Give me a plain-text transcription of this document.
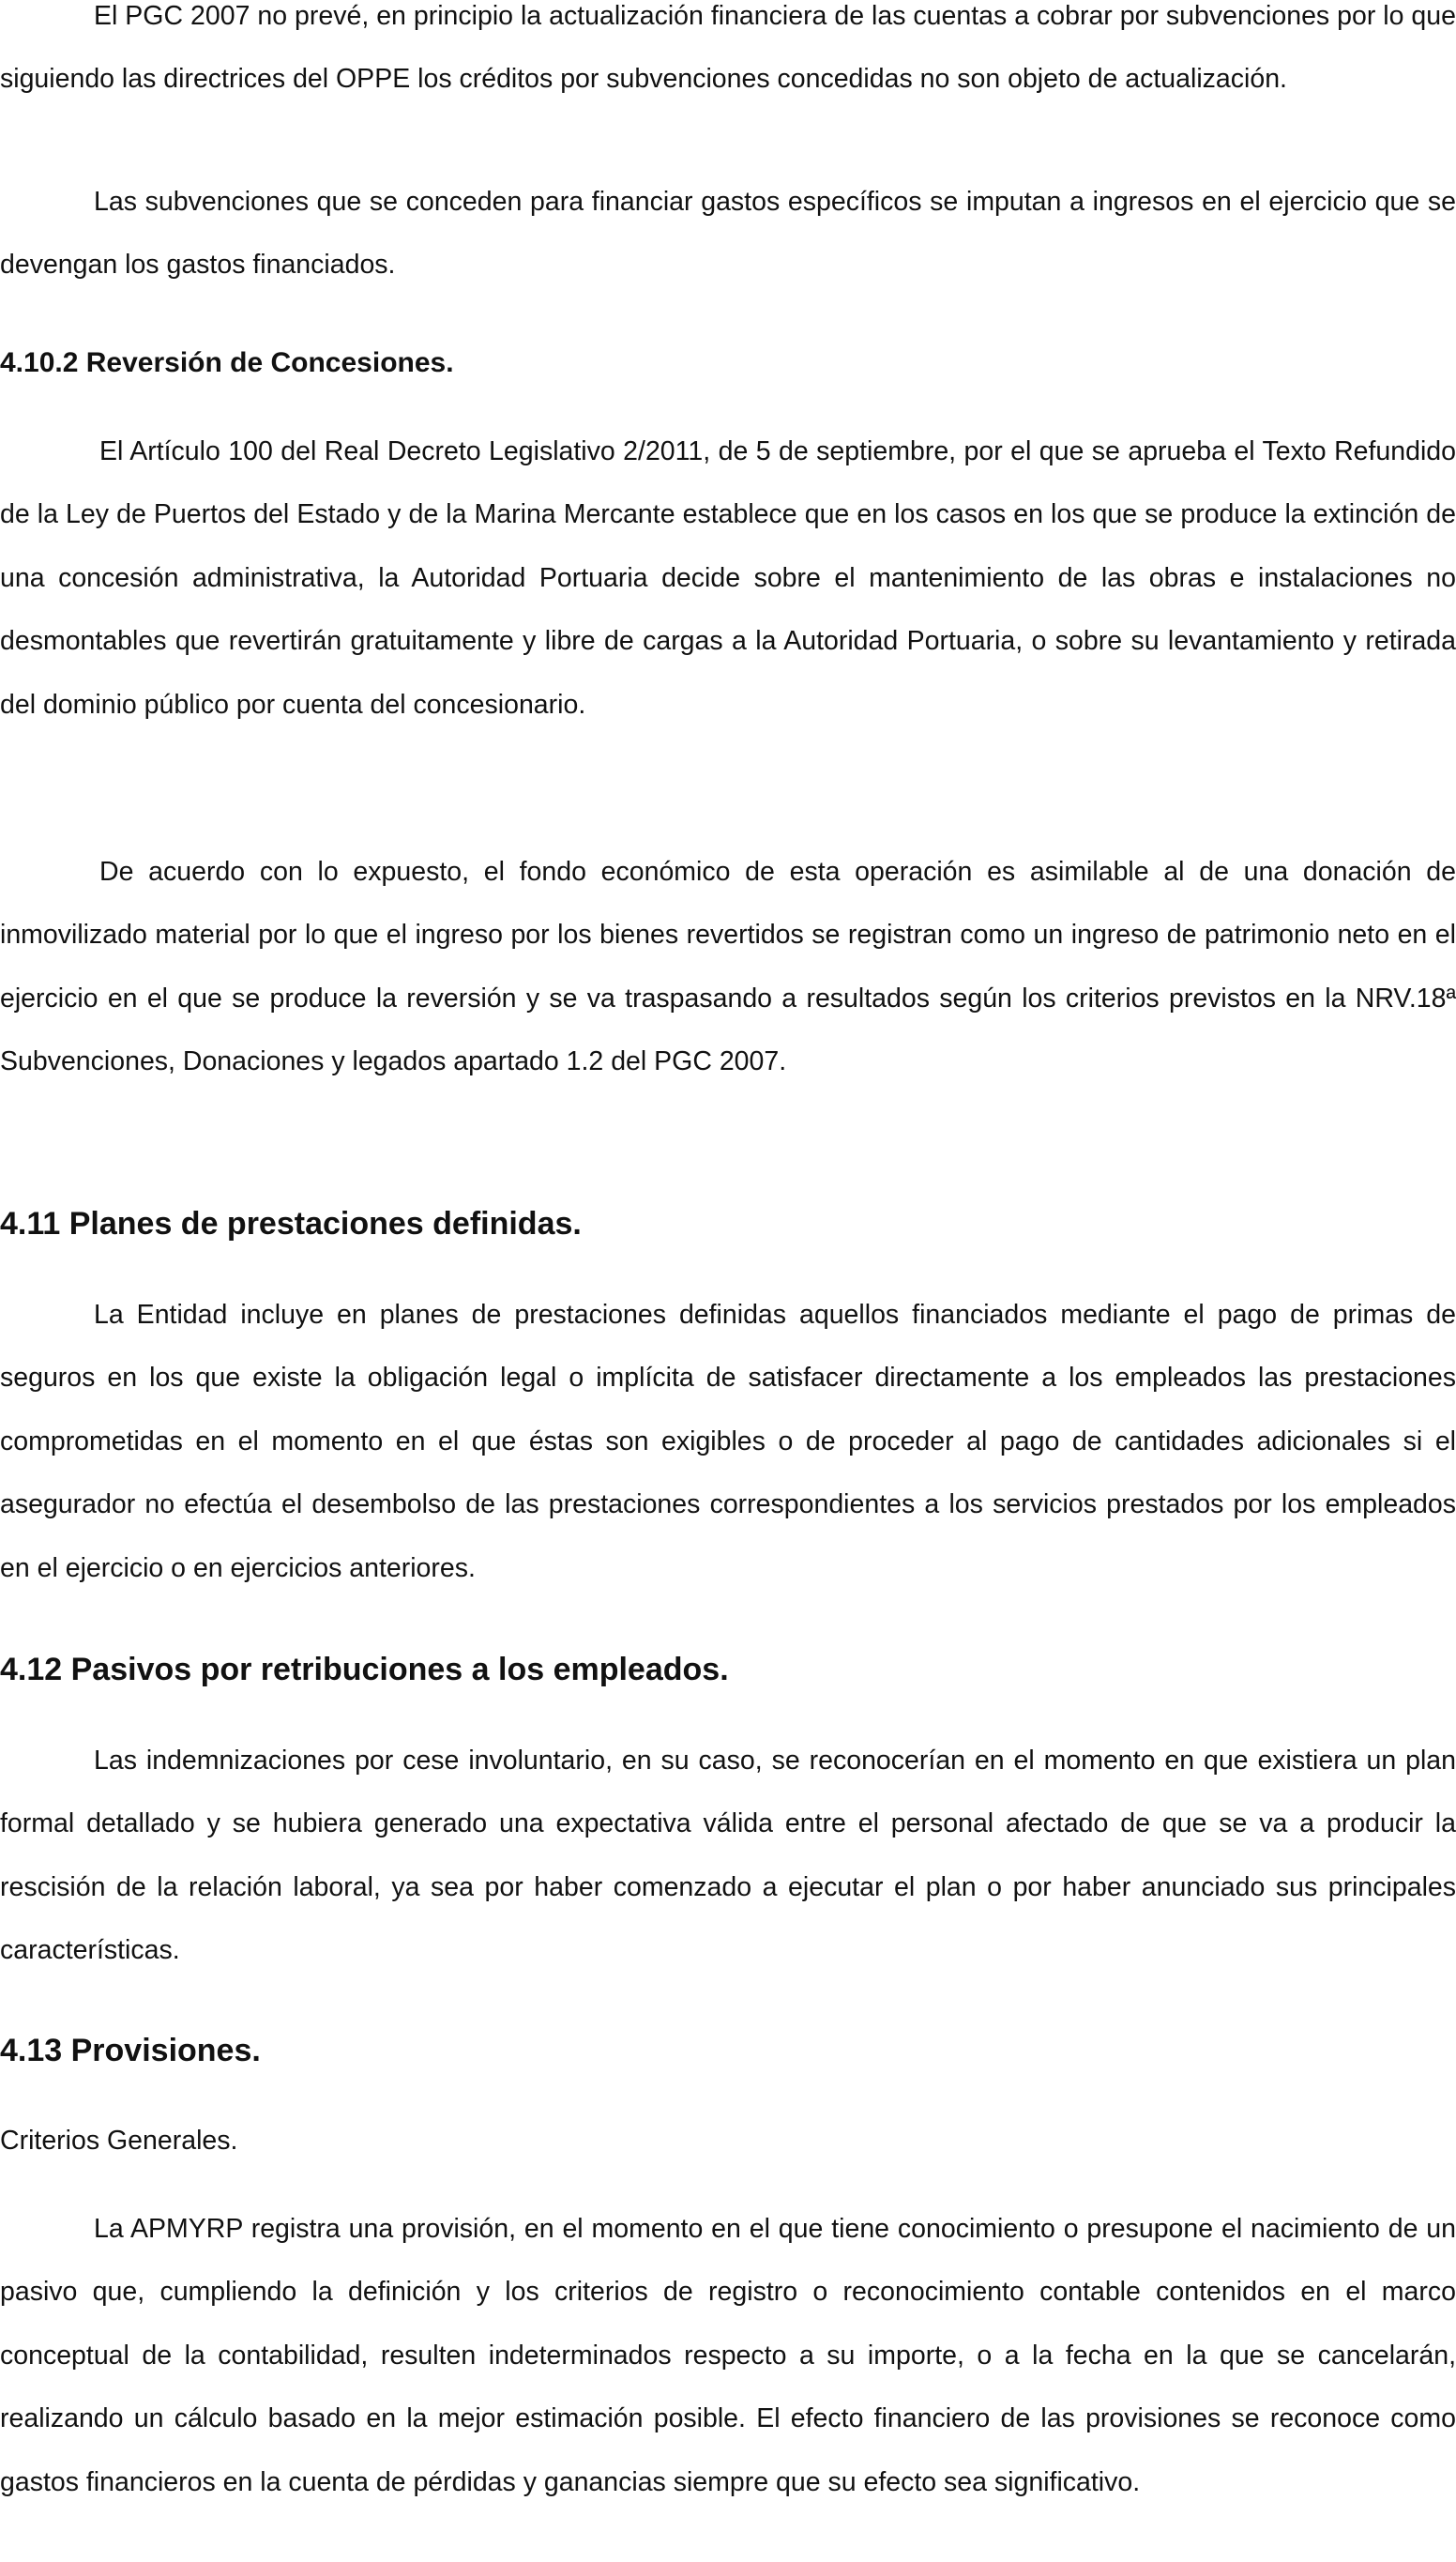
El PGC 2007 no prevé, en principio la actualización financiera de las cuentas a cobrar por subvenciones por lo que siguiendo las directrices del OPPE los créditos por subvenciones concedidas no son objeto de actualización.

Las subvenciones que se conceden para financiar gastos específicos se imputan a ingresos en el ejercicio que se devengan los gastos financiados.

4.10.2 Reversión de Concesiones.

El Artículo 100 del Real Decreto Legislativo 2/2011, de 5 de septiembre, por el que se aprueba el Texto Refundido de la Ley de Puertos del Estado y de la Marina Mercante establece que en los casos en los que se produce la extinción de una concesión administrativa, la Autoridad Portuaria decide sobre el mantenimiento de las obras e instalaciones no desmontables que revertirán gratuitamente y libre de cargas a la Autoridad Portuaria, o sobre su levantamiento y retirada del dominio público por cuenta del concesionario.

De acuerdo con lo expuesto, el fondo económico de esta operación es asimilable al de una donación de inmovilizado material por lo que el ingreso por los bienes revertidos se registran como un ingreso de patrimonio neto en el ejercicio en el que se produce la reversión y se va traspasando a resultados según los criterios previstos en la NRV.18ª Subvenciones, Donaciones y legados apartado 1.2 del PGC 2007.

4.11 Planes de prestaciones definidas.

La Entidad incluye en planes de prestaciones definidas aquellos financiados mediante el pago de primas de seguros en los que existe la obligación legal o implícita de satisfacer directamente a los empleados las prestaciones comprometidas en el momento en el que éstas son exigibles o de proceder al pago de cantidades adicionales si el asegurador no efectúa el desembolso de las prestaciones correspondientes a los servicios prestados por los empleados en el ejercicio o en ejercicios anteriores.

4.12 Pasivos por retribuciones a los empleados.

Las indemnizaciones por cese involuntario, en su caso, se reconocerían en el momento en que existiera un plan formal detallado y se hubiera generado una expectativa válida entre el personal afectado de que se va a producir la rescisión de la relación laboral, ya sea por haber comenzado a ejecutar el plan o por haber anunciado sus principales características.

4.13 Provisiones.

Criterios Generales.

La APMYRP registra una provisión, en el momento en el que tiene conocimiento o presupone el nacimiento de un pasivo que, cumpliendo la definición y los criterios de registro o reconocimiento contable contenidos en el marco conceptual de la contabilidad, resulten indeterminados respecto a su importe, o a la fecha en la que se cancelarán, realizando un cálculo basado en la mejor estimación posible. El efecto financiero de las provisiones se reconoce como gastos financieros en la cuenta de pérdidas y ganancias siempre que su efecto sea significativo.
